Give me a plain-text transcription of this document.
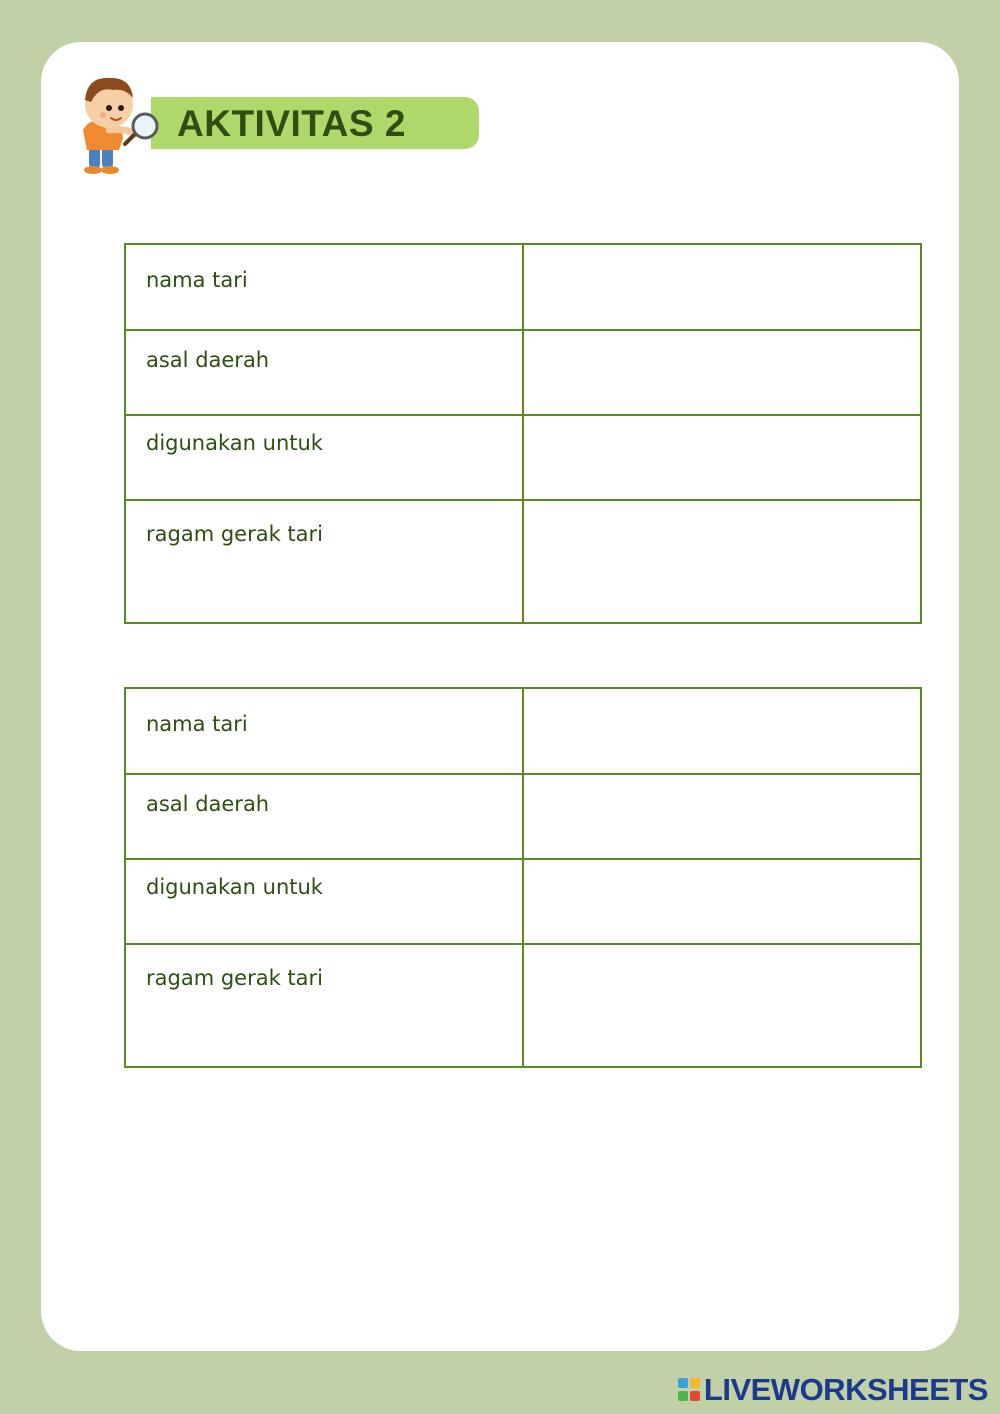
AKTIVITAS 2
nama tari	
asal daerah	
digunakan untuk	
ragam gerak tari	
nama tari	
asal daerah	
digunakan untuk	
ragam gerak tari	
LIVEWORKSHEETS
